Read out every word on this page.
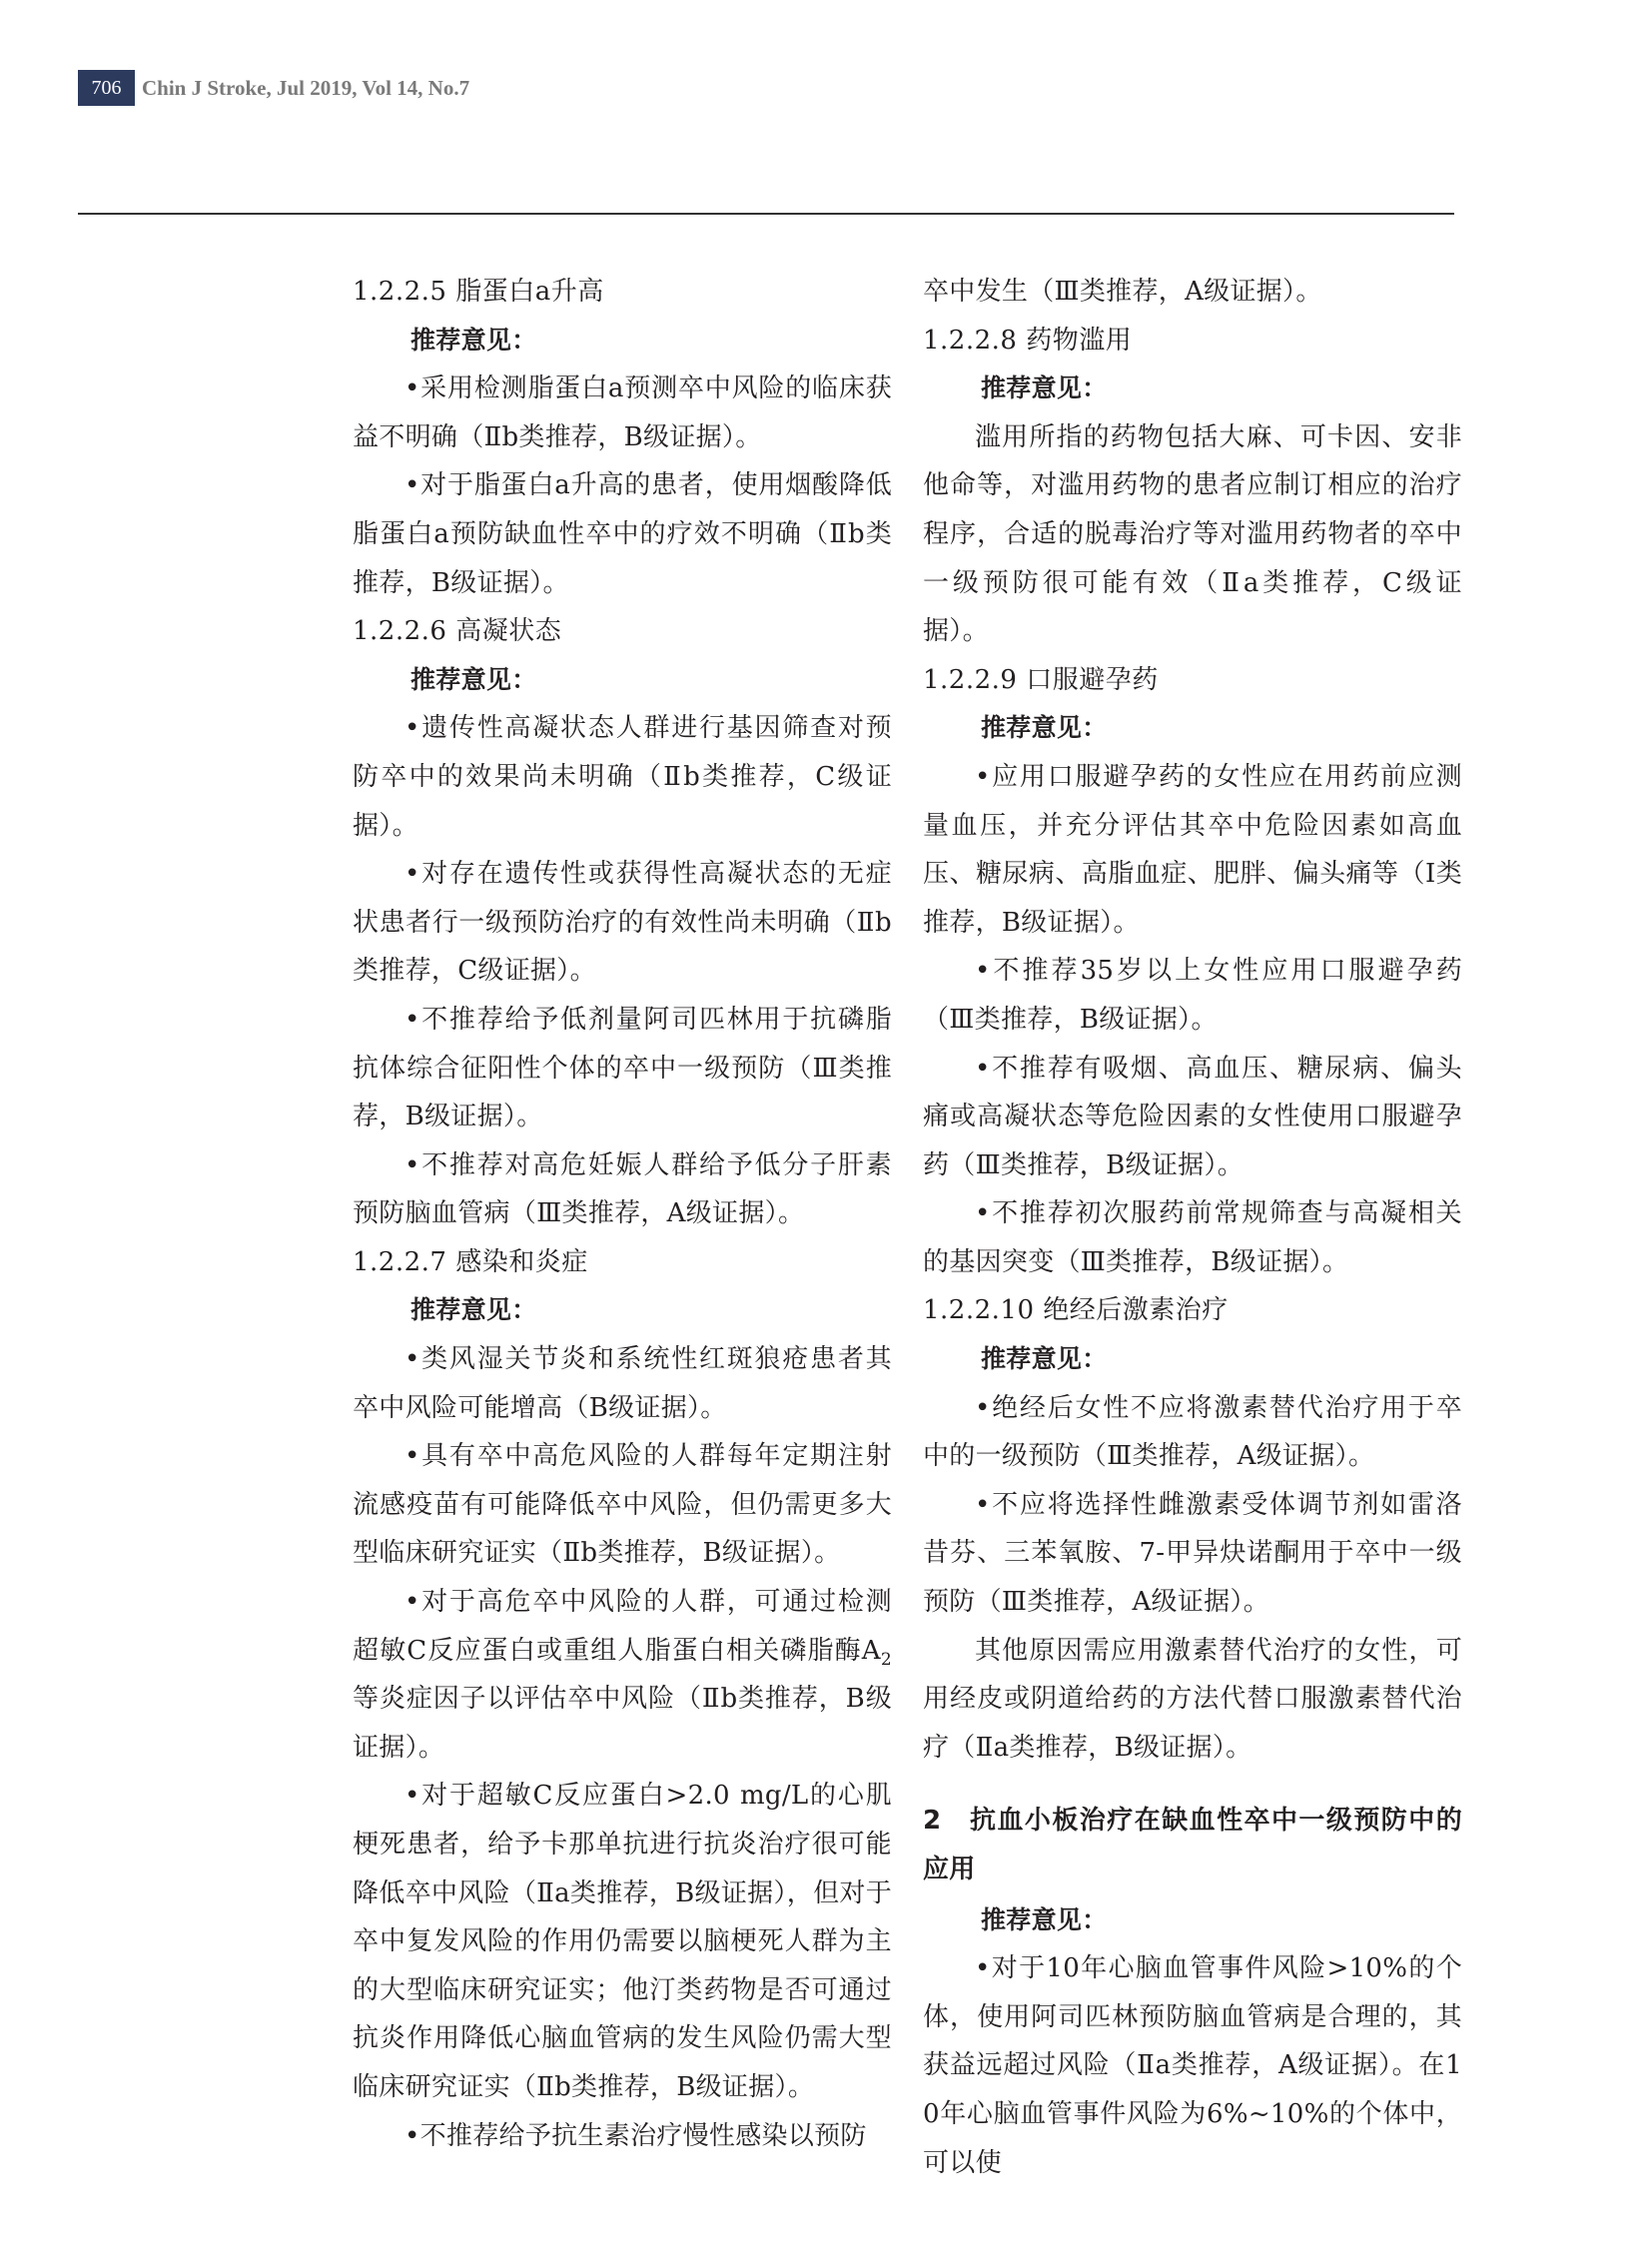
706 Chin J Stroke, Jul 2019, Vol 14, No.7

1.2.2.5 脂蛋白a升高

推荐意见：

•采用检测脂蛋白a预测卒中风险的临床获益不明确（Ⅱb类推荐，B级证据）。

•对于脂蛋白a升高的患者，使用烟酸降低脂蛋白a预防缺血性卒中的疗效不明确（Ⅱb类推荐，B级证据）。

1.2.2.6 高凝状态

推荐意见：

•遗传性高凝状态人群进行基因筛查对预防卒中的效果尚未明确（Ⅱb类推荐，C级证据）。

•对存在遗传性或获得性高凝状态的无症状患者行一级预防治疗的有效性尚未明确（Ⅱb类推荐，C级证据）。

•不推荐给予低剂量阿司匹林用于抗磷脂抗体综合征阳性个体的卒中一级预防（Ⅲ类推荐，B级证据）。

•不推荐对高危妊娠人群给予低分子肝素预防脑血管病（Ⅲ类推荐，A级证据）。

1.2.2.7 感染和炎症

推荐意见：

•类风湿关节炎和系统性红斑狼疮患者其卒中风险可能增高（B级证据）。

•具有卒中高危风险的人群每年定期注射流感疫苗有可能降低卒中风险，但仍需更多大型临床研究证实（Ⅱb类推荐，B级证据）。

•对于高危卒中风险的人群，可通过检测超敏C反应蛋白或重组人脂蛋白相关磷脂酶$A_2$等炎症因子以评估卒中风险（Ⅱb类推荐，B级证据）。

•对于超敏C反应蛋白>2.0 mg/L的心肌梗死患者，给予卡那单抗进行抗炎治疗很可能降低卒中风险（Ⅱa类推荐，B级证据），但对于卒中复发风险的作用仍需要以脑梗死人群为主的大型临床研究证实；他汀类药物是否可通过抗炎作用降低心脑血管病的发生风险仍需大型临床研究证实（Ⅱb类推荐，B级证据）。

•不推荐给予抗生素治疗慢性感染以预防

卒中发生（Ⅲ类推荐，A级证据）。

1.2.2.8 药物滥用

推荐意见：

滥用所指的药物包括大麻、可卡因、安非他命等，对滥用药物的患者应制订相应的治疗程序，合适的脱毒治疗等对滥用药物者的卒中一级预防很可能有效（Ⅱa类推荐，C级证据）。

1.2.2.9 口服避孕药

推荐意见：

•应用口服避孕药的女性应在用药前应测量血压，并充分评估其卒中危险因素如高血压、糖尿病、高脂血症、肥胖、偏头痛等（Ⅰ类推荐，B级证据）。

•不推荐35岁以上女性应用口服避孕药（Ⅲ类推荐，B级证据）。

•不推荐有吸烟、高血压、糖尿病、偏头痛或高凝状态等危险因素的女性使用口服避孕药（Ⅲ类推荐，B级证据）。

•不推荐初次服药前常规筛查与高凝相关的基因突变（Ⅲ类推荐，B级证据）。

1.2.2.10 绝经后激素治疗

推荐意见：

•绝经后女性不应将激素替代治疗用于卒中的一级预防（Ⅲ类推荐，A级证据）。

•不应将选择性雌激素受体调节剂如雷洛昔芬、三苯氧胺、7-甲异炔诺酮用于卒中一级预防（Ⅲ类推荐，A级证据）。

其他原因需应用激素替代治疗的女性，可用经皮或阴道给药的方法代替口服激素替代治疗（Ⅱa类推荐，B级证据）。

2　抗血小板治疗在缺血性卒中一级预防中的应用

推荐意见：

•对于10年心脑血管事件风险>10%的个体，使用阿司匹林预防脑血管病是合理的，其获益远超过风险（Ⅱa类推荐，A级证据）。在10年心脑血管事件风险为6%~10%的个体中，可以使
